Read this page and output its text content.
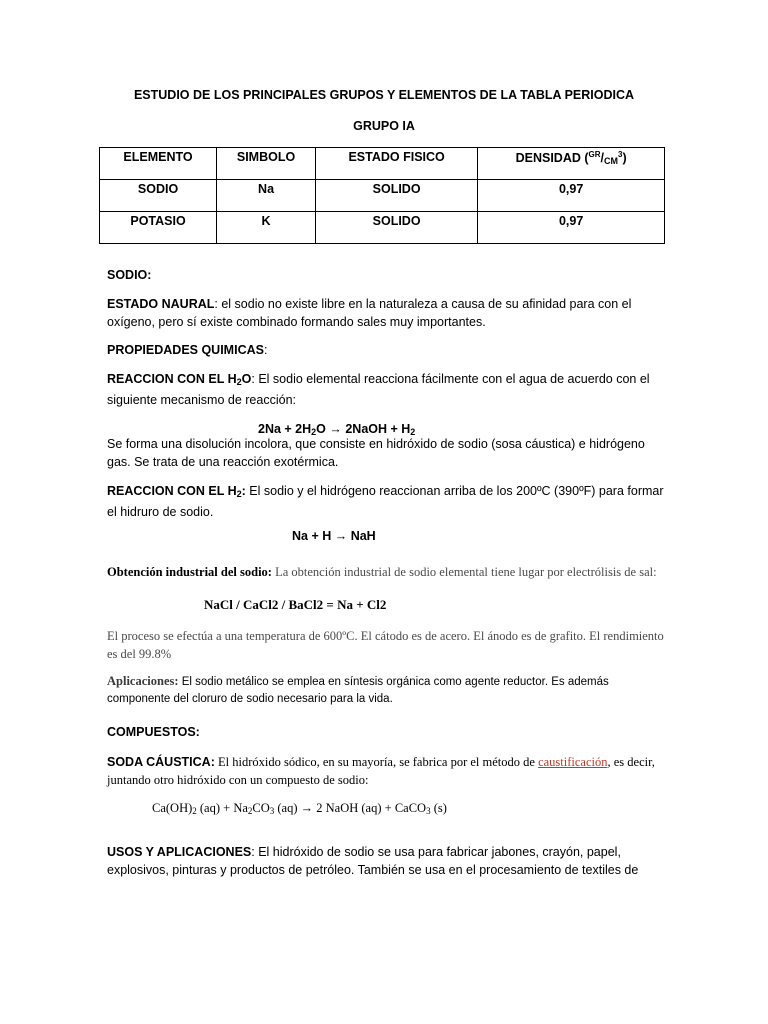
ESTUDIO DE LOS PRINCIPALES GRUPOS Y ELEMENTOS DE LA TABLA PERIODICA
GRUPO IA
ELEMENTO	SIMBOLO	ESTADO FISICO	DENSIDAD $(^{GR}/_{CM}^3)$
SODIO	Na	SOLIDO	0,97
POTASIO	K	SOLIDO	0,97
SODIO:
ESTADO NAURAL: el sodio no existe libre en la naturaleza a causa de su afinidad para con el oxígeno, pero sí existe combinado formando sales muy importantes.
PROPIEDADES QUIMICAS:
REACCION CON EL $H_2O$: El sodio elemental reacciona fácilmente con el agua de acuerdo con el siguiente mecanismo de reacción:
$2Na + 2H_2O$ → 2NaOH + $H_2$
Se forma una disolución incolora, que consiste en hidróxido de sodio (sosa cáustica) e hidrógeno gas. Se trata de una reacción exotérmica.
REACCION CON EL $H_2$: El sodio y el hidrógeno reaccionan arriba de los 200ºC (390ºF) para formar el hidruro de sodio.
Na + H → NaH
Obtención industrial del sodio: La obtención industrial de sodio elemental tiene lugar por electrólisis de sal:
NaCl / CaCl2 / BaCl2 = Na + Cl2
El proceso se efectúa a una temperatura de 600ºC. El cátodo es de acero. El ánodo es de grafito. El rendimiento es del 99.8%
Aplicaciones: El sodio metálico se emplea en síntesis orgánica como agente reductor. Es además componente del cloruro de sodio necesario para la vida.
COMPUESTOS:
SODA CÁUSTICA: El hidróxido sódico, en su mayoría, se fabrica por el método de caustificación, es decir, juntando otro hidróxido con un compuesto de sodio:
$Ca(OH)_2$ $(aq) + Na_2CO_3$ (aq) → 2 NaOH (aq) + CaCO$_3$ (s)
USOS Y APLICACIONES: El hidróxido de sodio se usa para fabricar jabones, crayón, papel, explosivos, pinturas y productos de petróleo. También se usa en el procesamiento de textiles de
